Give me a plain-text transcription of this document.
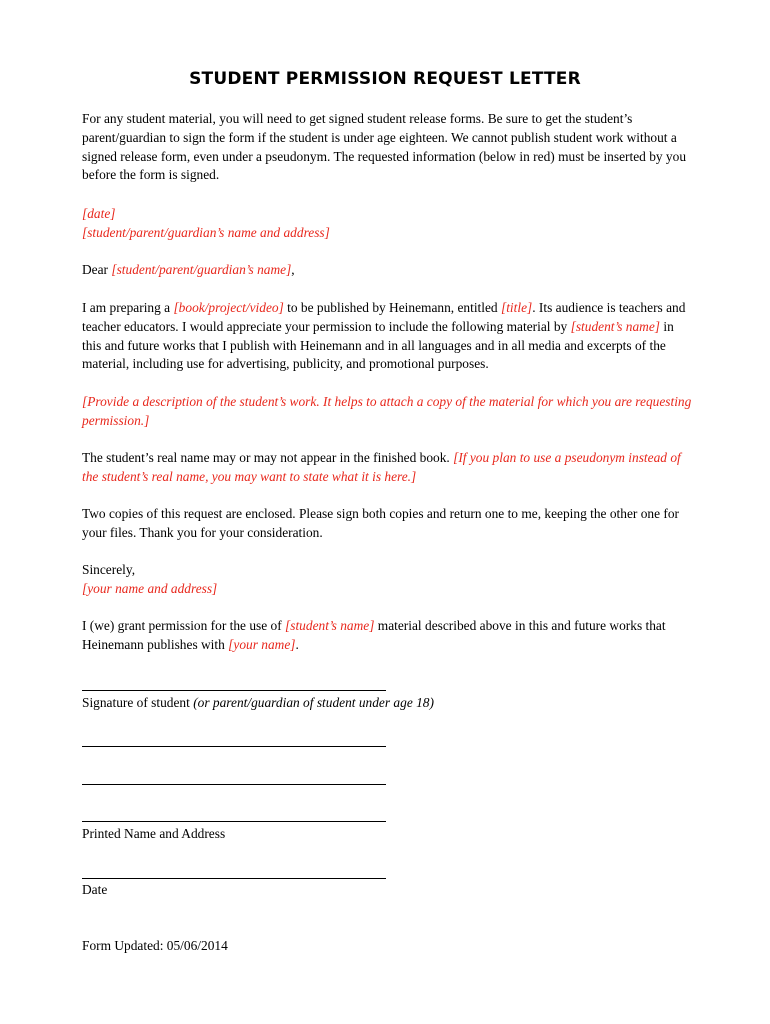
STUDENT PERMISSION REQUEST LETTER

For any student material, you will need to get signed student release forms. Be sure to get the student’s parent/guardian to sign the form if the student is under age eighteen. We cannot publish student work without a signed release form, even under a pseudonym. The requested information (below in red) must be inserted by you before the form is signed.

[date]
[student/parent/guardian’s name and address]

Dear [student/parent/guardian’s name],

I am preparing a [book/project/video] to be published by Heinemann, entitled [title]. Its audience is teachers and teacher educators. I would appreciate your permission to include the following material by [student’s name] in this and future works that I publish with Heinemann and in all languages and in all media and excerpts of the material, including use for advertising, publicity, and promotional purposes.

[Provide a description of the student’s work. It helps to attach a copy of the material for which you are requesting permission.]

The student’s real name may or may not appear in the finished book. [If you plan to use a pseudonym instead of the student’s real name, you may want to state what it is here.]

Two copies of this request are enclosed. Please sign both copies and return one to me, keeping the other one for your files. Thank you for your consideration.

Sincerely,
[your name and address]

I (we) grant permission for the use of [student’s name] material described above in this and future works that Heinemann publishes with [your name].

Signature of student (or parent/guardian of student under age 18)
Printed Name and Address
Date
Form Updated: 05/06/2014
